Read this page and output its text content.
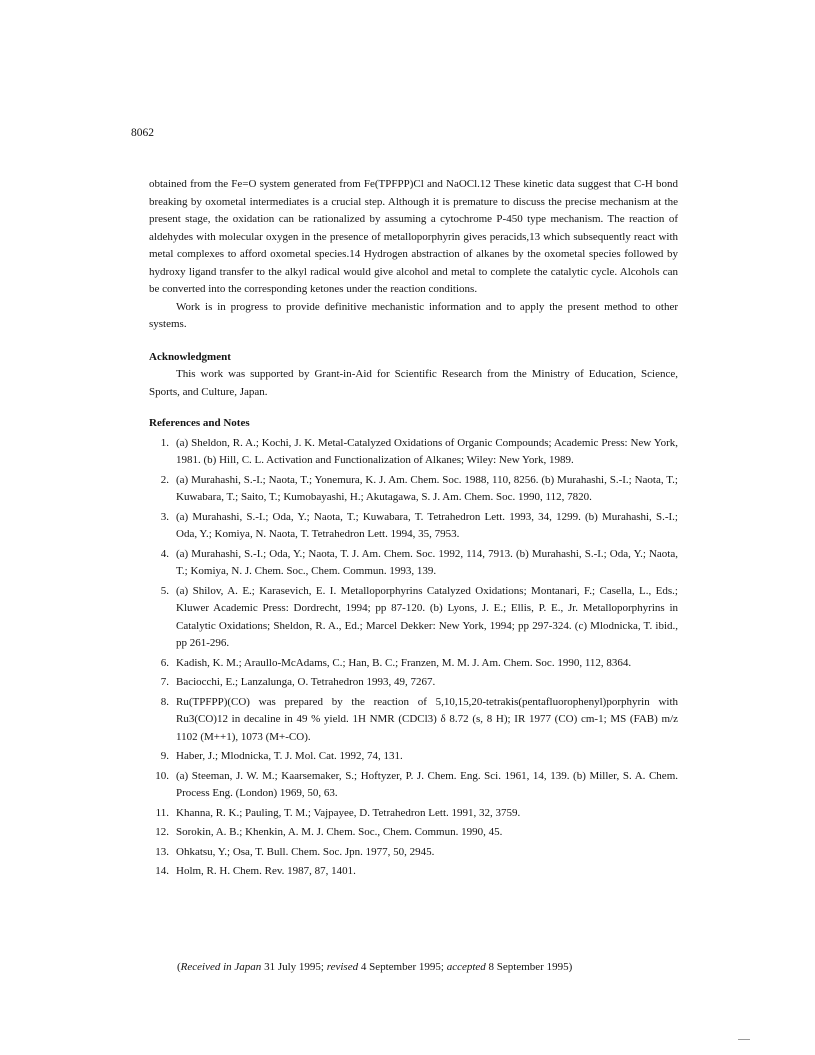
8062

obtained from the Fe=O system generated from Fe(TPFPP)Cl and NaOCl.12 These kinetic data suggest that C-H bond breaking by oxometal intermediates is a crucial step. Although it is premature to discuss the precise mechanism at the present stage, the oxidation can be rationalized by assuming a cytochrome P-450 type mechanism. The reaction of aldehydes with molecular oxygen in the presence of metalloporphyrin gives peracids,13 which subsequently react with metal complexes to afford oxometal species.14 Hydrogen abstraction of alkanes by the oxometal species followed by hydroxy ligand transfer to the alkyl radical would give alcohol and metal to complete the catalytic cycle. Alcohols can be converted into the corresponding ketones under the reaction conditions.

Work is in progress to provide definitive mechanistic information and to apply the present method to other systems.

Acknowledgment

This work was supported by Grant-in-Aid for Scientific Research from the Ministry of Education, Science, Sports, and Culture, Japan.

References and Notes
1. (a) Sheldon, R. A.; Kochi, J. K. Metal-Catalyzed Oxidations of Organic Compounds; Academic Press: New York, 1981. (b) Hill, C. L. Activation and Functionalization of Alkanes; Wiley: New York, 1989.
2. (a) Murahashi, S.-I.; Naota, T.; Yonemura, K. J. Am. Chem. Soc. 1988, 110, 8256. (b) Murahashi, S.-I.; Naota, T.; Kuwabara, T.; Saito, T.; Kumobayashi, H.; Akutagawa, S. J. Am. Chem. Soc. 1990, 112, 7820.
3. (a) Murahashi, S.-I.; Oda, Y.; Naota, T.; Kuwabara, T. Tetrahedron Lett. 1993, 34, 1299. (b) Murahashi, S.-I.; Oda, Y.; Komiya, N. Naota, T. Tetrahedron Lett. 1994, 35, 7953.
4. (a) Murahashi, S.-I.; Oda, Y.; Naota, T. J. Am. Chem. Soc. 1992, 114, 7913. (b) Murahashi, S.-I.; Oda, Y.; Naota, T.; Komiya, N. J. Chem. Soc., Chem. Commun. 1993, 139.
5. (a) Shilov, A. E.; Karasevich, E. I. Metalloporphyrins Catalyzed Oxidations; Montanari, F.; Casella, L., Eds.; Kluwer Academic Press: Dordrecht, 1994; pp 87-120. (b) Lyons, J. E.; Ellis, P. E., Jr. Metalloporphyrins in Catalytic Oxidations; Sheldon, R. A., Ed.; Marcel Dekker: New York, 1994; pp 297-324. (c) Mlodnicka, T. ibid., pp 261-296.
6. Kadish, K. M.; Araullo-McAdams, C.; Han, B. C.; Franzen, M. M. J. Am. Chem. Soc. 1990, 112, 8364.
7. Baciocchi, E.; Lanzalunga, O. Tetrahedron 1993, 49, 7267.
8. Ru(TPFPP)(CO) was prepared by the reaction of 5,10,15,20-tetrakis(pentafluorophenyl)porphyrin with Ru3(CO)12 in decaline in 49 % yield. 1H NMR (CDCl3) δ 8.72 (s, 8 H); IR 1977 (CO) cm-1; MS (FAB) m/z 1102 (M++1), 1073 (M+-CO).
9. Haber, J.; Mlodnicka, T. J. Mol. Cat. 1992, 74, 131.
10. (a) Steeman, J. W. M.; Kaarsemaker, S.; Hoftyzer, P. J. Chem. Eng. Sci. 1961, 14, 139. (b) Miller, S. A. Chem. Process Eng. (London) 1969, 50, 63.
11. Khanna, R. K.; Pauling, T. M.; Vajpayee, D. Tetrahedron Lett. 1991, 32, 3759.
12. Sorokin, A. B.; Khenkin, A. M. J. Chem. Soc., Chem. Commun. 1990, 45.
13. Ohkatsu, Y.; Osa, T. Bull. Chem. Soc. Jpn. 1977, 50, 2945.
14. Holm, R. H. Chem. Rev. 1987, 87, 1401.
(Received in Japan 31 July 1995; revised 4 September 1995; accepted 8 September 1995)
